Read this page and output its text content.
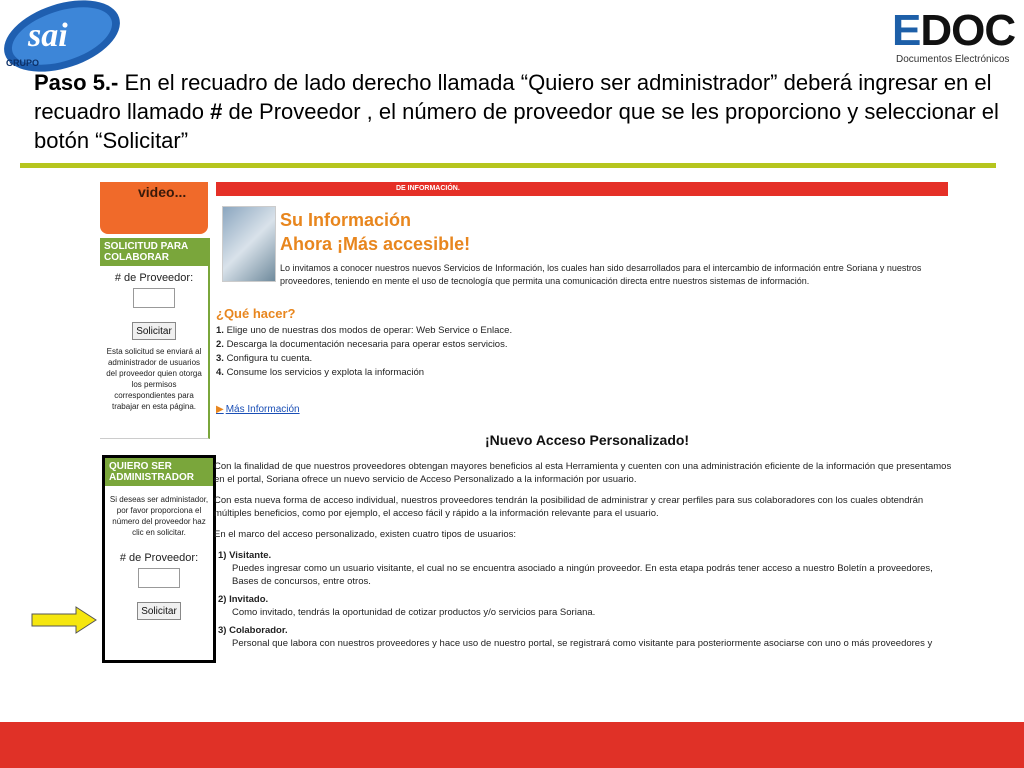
sai
GRUPO
EDOC
Documentos Electrónicos
Paso 5.- En el recuadro de lado derecho llamada “Quiero ser administrador” deberá ingresar en el recuadro llamado # de Proveedor , el número de proveedor que se les proporciono y seleccionar el botón “Solicitar”
video...
SOLICITUD PARA COLABORAR
# de Proveedor:
Solicitar
Esta solicitud se enviará al administrador de usuarios del proveedor quien otorga los permisos correspondientes para trabajar en esta página.
QUIERO SER ADMINISTRADOR
Si deseas ser administador, por favor proporciona el número del proveedor haz clic en solicitar.
# de Proveedor:
Solicitar
DE INFORMACIÓN.
Su Información
Ahora ¡Más accesible!
Lo invitamos a conocer nuestros nuevos Servicios de Información, los cuales han sido desarrollados para el intercambio de información entre Soriana y nuestros proveedores, teniendo en mente el uso de tecnología que permita una comunicación directa entre nuestros sistemas de información.
¿Qué hacer?
1. Elige uno de nuestras dos modos de operar: Web Service o Enlace.
2. Descarga la documentación necesaria para operar estos servicios.
3. Configura tu cuenta.
4. Consume los servicios y explota la información
▶ Más Información
¡Nuevo Acceso Personalizado!

Con la finalidad de que nuestros proveedores obtengan mayores beneficios al esta Herramienta y cuenten con una administración eficiente de la información que presentamos en el portal, Soriana ofrece un nuevo servicio de Acceso Personalizado a la información por usuario.

Con esta nueva forma de acceso individual, nuestros proveedores tendrán la posibilidad de administrar y crear perfiles para sus colaboradores con los cuales obtendrán múltiples beneficios, como por ejemplo, el acceso fácil y rápido a la información relevante para el usuario.

En el marco del acceso personalizado, existen cuatro tipos de usuarios:

1) Visitante.
Puedes ingresar como un usuario visitante, el cual no se encuentra asociado a ningún proveedor. En esta etapa podrás tener acceso a nuestro Boletín a proveedores, Bases de concursos, entre otros.
2) Invitado.
Como invitado, tendrás la oportunidad de cotizar productos y/o servicios para Soriana.
3) Colaborador.
Personal que labora con nuestros proveedores y hace uso de nuestro portal, se registrará como visitante para posteriormente asociarse con uno o más proveedores y
